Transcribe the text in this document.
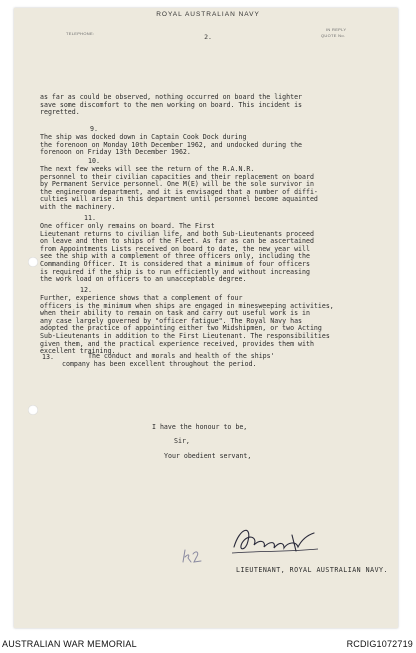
TELEPHONE:
ROYAL AUSTRALIAN NAVY
IN REPLY
QUOTE No.
2.

as far as could be observed, nothing occurred on board the lighter
save some discomfort to the men working on board. This incident is
regretted.

9.

The ship was docked down in Captain Cook Dock during
the forenoon on Monday 10th December 1962, and undocked during the
forenoon on Friday 13th December 1962.

10.

The next few weeks will see the return of the R.A.N.R.
personnel to their civilian capacities and their replacement on board
by Permanent Service personnel. One M(E) will be the sole survivor in
the engineroom department, and it is envisaged that a number of diffi-
culties will arise in this department until personnel become aquainted
with the machinery.

11.

One officer only remains on board. The First
Lieutenant returns to civilian life, and both Sub-Lieutenants proceed
on leave and then to ships of the Fleet. As far as can be ascertained
from Appointments Lists received on board to date, the new year will
see the ship with a complement of three officers only, including the
Commanding Officer. It is considered that a minimum of four officers
is required if the ship is to run efficiently and without increasing
the work load on officers to an unacceptable degree.

12.

Further, experience shows that a complement of four
officers is the minimum when ships are engaged in minesweeping activities,
when their ability to remain on task and carry out useful work is in
any case largely governed by "officer fatigue". The Royal Navy has
adopted the practice of appointing either two Midshipmen, or two Acting
Sub-Lieutenants in addition to the First Lieutenant. The responsibilities
given them, and the practical experience received, provides them with
excellent training.

13.	The conduct and morals and health of the ships'
company has been excellent throughout the period.

I have the honour to be,
Sir,
Your obedient servant,
LIEUTENANT, ROYAL AUSTRALIAN NAVY.
AUSTRALIAN WAR MEMORIAL	RCDIG1072719
